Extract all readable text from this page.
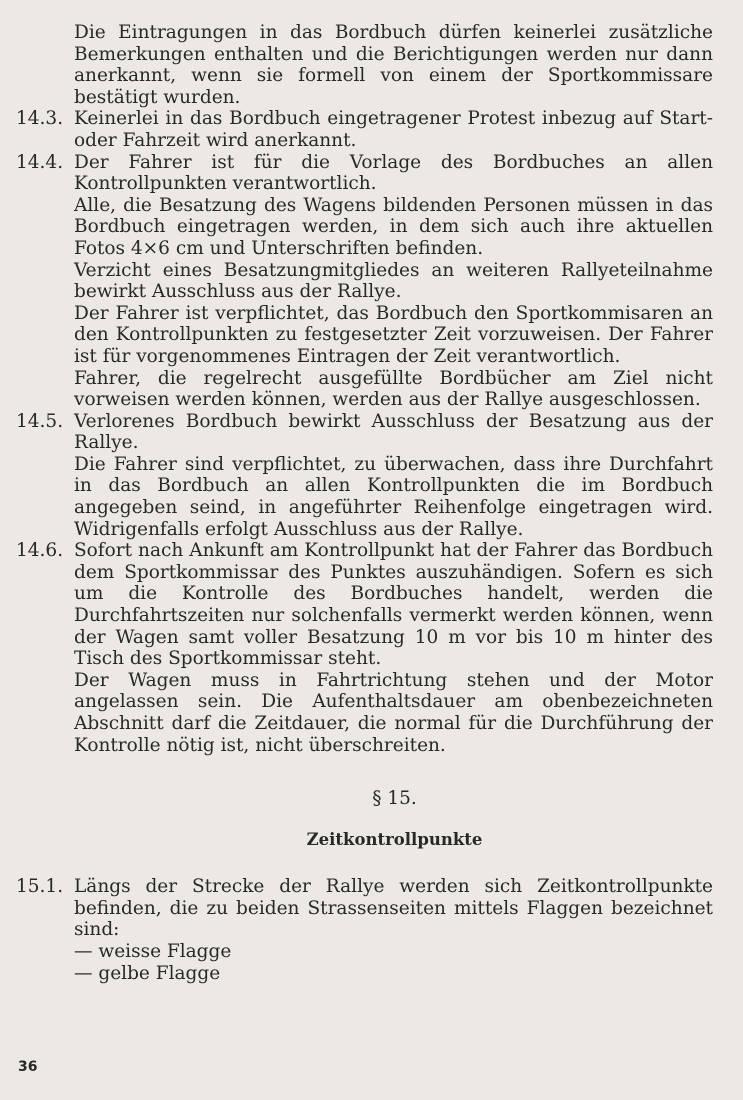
Die Eintragungen in das Bordbuch dürfen keinerlei zusätzliche Bemerkungen enthalten und die Berichtigungen werden nur dann anerkannt, wenn sie formell von einem der Sportkommissare bestätigt wurden.

14.3. Keinerlei in das Bordbuch eingetragener Protest inbezug auf Start-oder Fahrzeit wird anerkannt.

14.4. Der Fahrer ist für die Vorlage des Bordbuches an allen Kontrollpunkten verantwortlich.

Alle, die Besatzung des Wagens bildenden Personen müssen in das Bordbuch eingetragen werden, in dem sich auch ihre aktuellen Fotos 4×6 cm und Unterschriften befinden.

Verzicht eines Besatzungmitgliedes an weiteren Rallyeteilnahme bewirkt Ausschluss aus der Rallye.

Der Fahrer ist verpflichtet, das Bordbuch den Sportkommisaren an den Kontrollpunkten zu festgesetzter Zeit vorzuweisen. Der Fahrer ist für vorgenommenes Eintragen der Zeit verantwortlich.

Fahrer, die regelrecht ausgefüllte Bordbücher am Ziel nicht vorweisen werden können, werden aus der Rallye ausgeschlossen.

14.5. Verlorenes Bordbuch bewirkt Ausschluss der Besatzung aus der Rallye.

Die Fahrer sind verpflichtet, zu überwachen, dass ihre Durchfahrt in das Bordbuch an allen Kontrollpunkten die im Bordbuch angegeben seind, in angeführter Reihenfolge eingetragen wird. Widrigenfalls erfolgt Ausschluss aus der Rallye.

14.6. Sofort nach Ankunft am Kontrollpunkt hat der Fahrer das Bordbuch dem Sportkommissar des Punktes auszuhändigen. Sofern es sich um die Kontrolle des Bordbuches handelt, werden die Durchfahrtszeiten nur solchenfalls vermerkt werden können, wenn der Wagen samt voller Besatzung 10 m vor bis 10 m hinter des Tisch des Sportkommissar steht.

Der Wagen muss in Fahrtrichtung stehen und der Motor angelassen sein. Die Aufenthaltsdauer am obenbezeichneten Abschnitt darf die Zeitdauer, die normal für die Durchführung der Kontrolle nötig ist, nicht überschreiten.

§ 15.
Zeitkontrollpunkte
15.1. Längs der Strecke der Rallye werden sich Zeitkontrollpunkte befinden, die zu beiden Strassenseiten mittels Flaggen bezeichnet sind:

— weisse Flagge

— gelbe Flagge

36
